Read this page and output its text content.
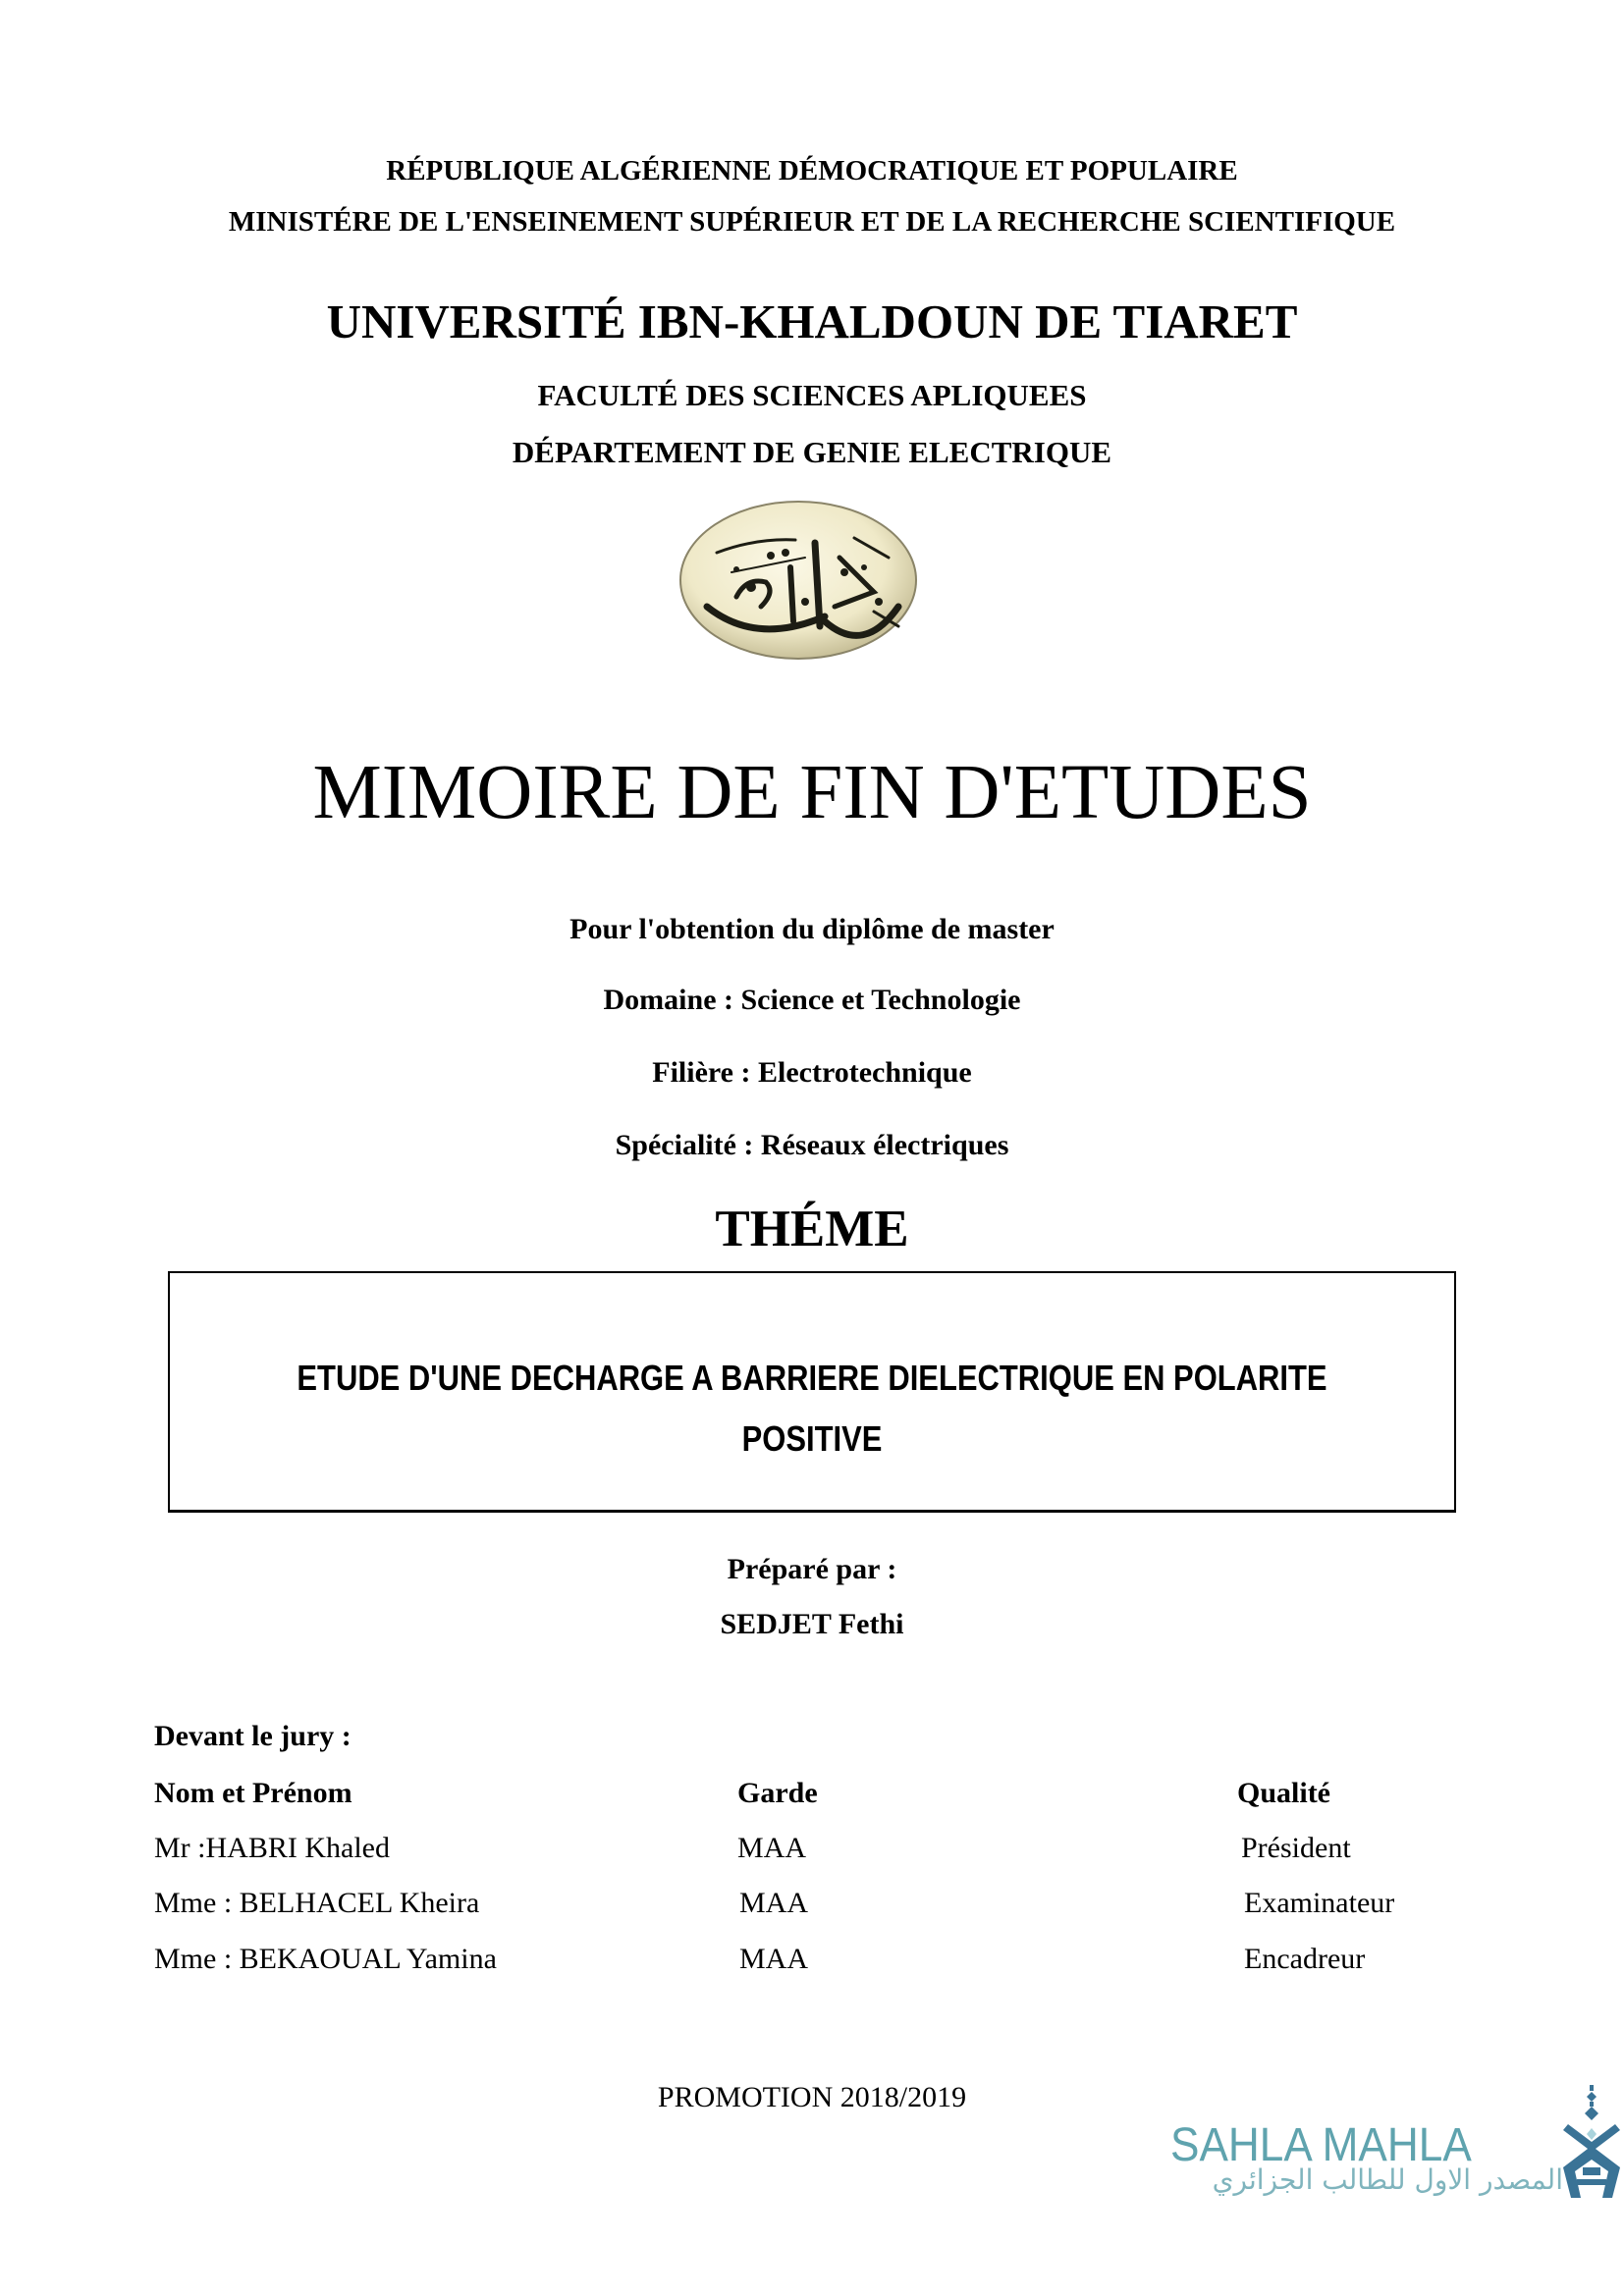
RÉPUBLIQUE ALGÉRIENNE DÉMOCRATIQUE ET POPULAIRE
MINISTÉRE DE L'ENSEINEMENT SUPÉRIEUR ET DE LA RECHERCHE SCIENTIFIQUE
UNIVERSITÉ IBN-KHALDOUN DE TIARET
FACULTÉ DES SCIENCES APLIQUEES
DÉPARTEMENT DE GENIE ELECTRIQUE
MIMOIRE DE FIN D'ETUDES
Pour l'obtention du diplôme de master
Domaine : Science et Technologie
Filière : Electrotechnique
Spécialité : Réseaux électriques
THÉME
ETUDE D'UNE DECHARGE A BARRIERE DIELECTRIQUE EN POLARITE
POSITIVE
Préparé par :
SEDJET Fethi
Devant le jury :
Nom et Prénom	Garde	Qualité
Mr :HABRI Khaled	MAA	Président
Mme : BELHACEL Kheira	MAA	Examinateur
Mme : BEKAOUAL Yamina	MAA	Encadreur
PROMOTION 2018/2019
SAHLA MAHLA
المصدر الاول للطالب الجزائري
